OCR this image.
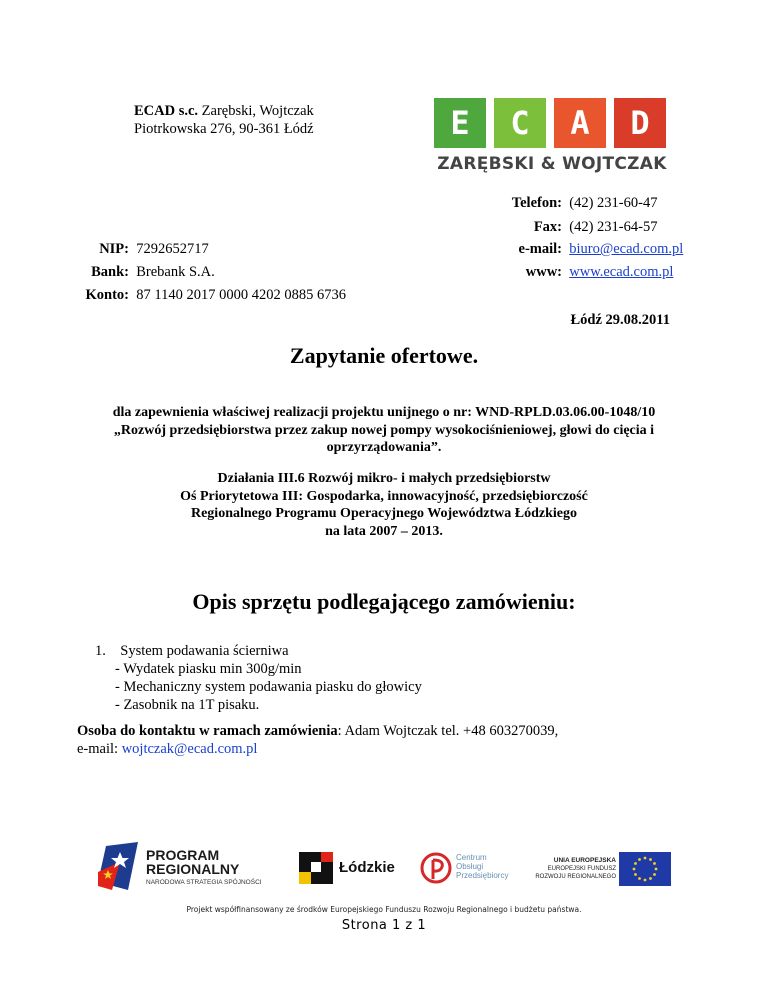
ECAD s.c. Zarębski, Wojtczak
Piotrkowska 276, 90-361 Łódź	E	C	A	D
ZARĘBSKI & WOJTCZAK
Telefon: (42) 231-60-47
Fax: (42) 231-64-57
e-mail: biuro@ecad.com.pl
www: www.ecad.com.pl
NIP: 7292652717
Bank: Brebank S.A.
Konto: 87 1140 2017 0000 4202 0885 6736
Łódź 29.08.2011
Zapytanie ofertowe.
dla zapewnienia właściwej realizacji projektu unijnego o nr: WND-RPLD.03.06.00-1048/10
„Rozwój przedsiębiorstwa przez zakup nowej pompy wysokociśnieniowej, głowi do cięcia i
oprzyrządowania”.
Działania III.6 Rozwój mikro- i małych przedsiębiorstw
Oś Priorytetowa III: Gospodarka, innowacyjność, przedsiębiorczość
Regionalnego Programu Operacyjnego Województwa Łódzkiego
na lata 2007 – 2013.
Opis sprzętu podlegającego zamówieniu:
1. System podawania ścierniwa
- Wydatek piasku min 300g/min
- Mechaniczny system podawania piasku do głowicy
- Zasobnik na 1T pisaku.
Osoba do kontaktu w ramach zamówienia: Adam Wojtczak tel. +48 603270039,
e-mail: wojtczak@ecad.com.pl
PROGRAM
REGIONALNY
NARODOWA STRATEGIA SPÓJNOŚCI
Łódzkie
Centrum
Obsługi
Przedsiębiorcy
UNIA EUROPEJSKA
EUROPEJSKI FUNDUSZ
ROZWOJU REGIONALNEGO
Projekt współfinansowany ze środków Europejskiego Funduszu Rozwoju Regionalnego i budżetu państwa.
Strona 1 z 1
